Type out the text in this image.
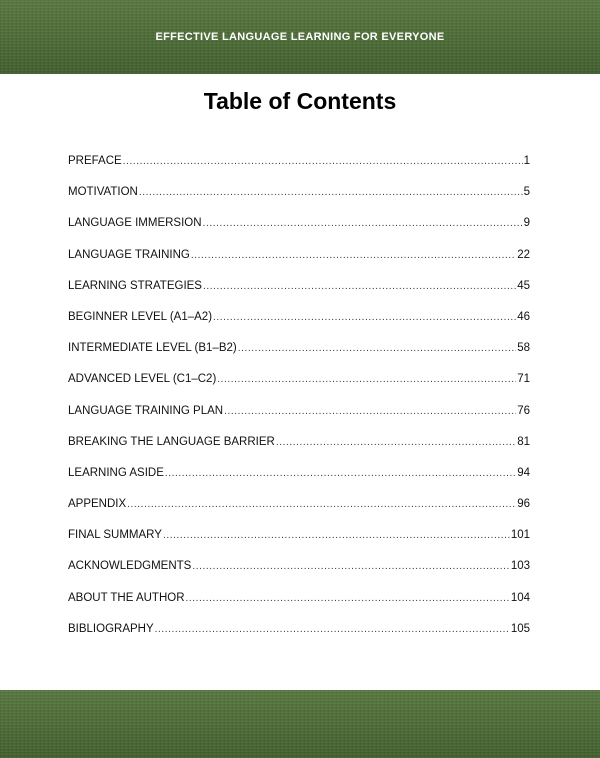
EFFECTIVE LANGUAGE LEARNING FOR EVERYONE
Table of Contents
PREFACE .....	1
MOTIVATION .....	5
LANGUAGE IMMERSION .....	9
LANGUAGE TRAINING .....	22
LEARNING STRATEGIES .....	45
BEGINNER LEVEL (A1–A2) .....	46
INTERMEDIATE LEVEL (B1–B2) .....	58
ADVANCED LEVEL (C1–C2) .....	71
LANGUAGE TRAINING PLAN .....	76
BREAKING THE LANGUAGE BARRIER .....	81
LEARNING ASIDE .....	94
APPENDIX .....	96
FINAL SUMMARY .....	101
ACKNOWLEDGMENTS .....	103
ABOUT THE AUTHOR .....	104
BIBLIOGRAPHY .....	105
